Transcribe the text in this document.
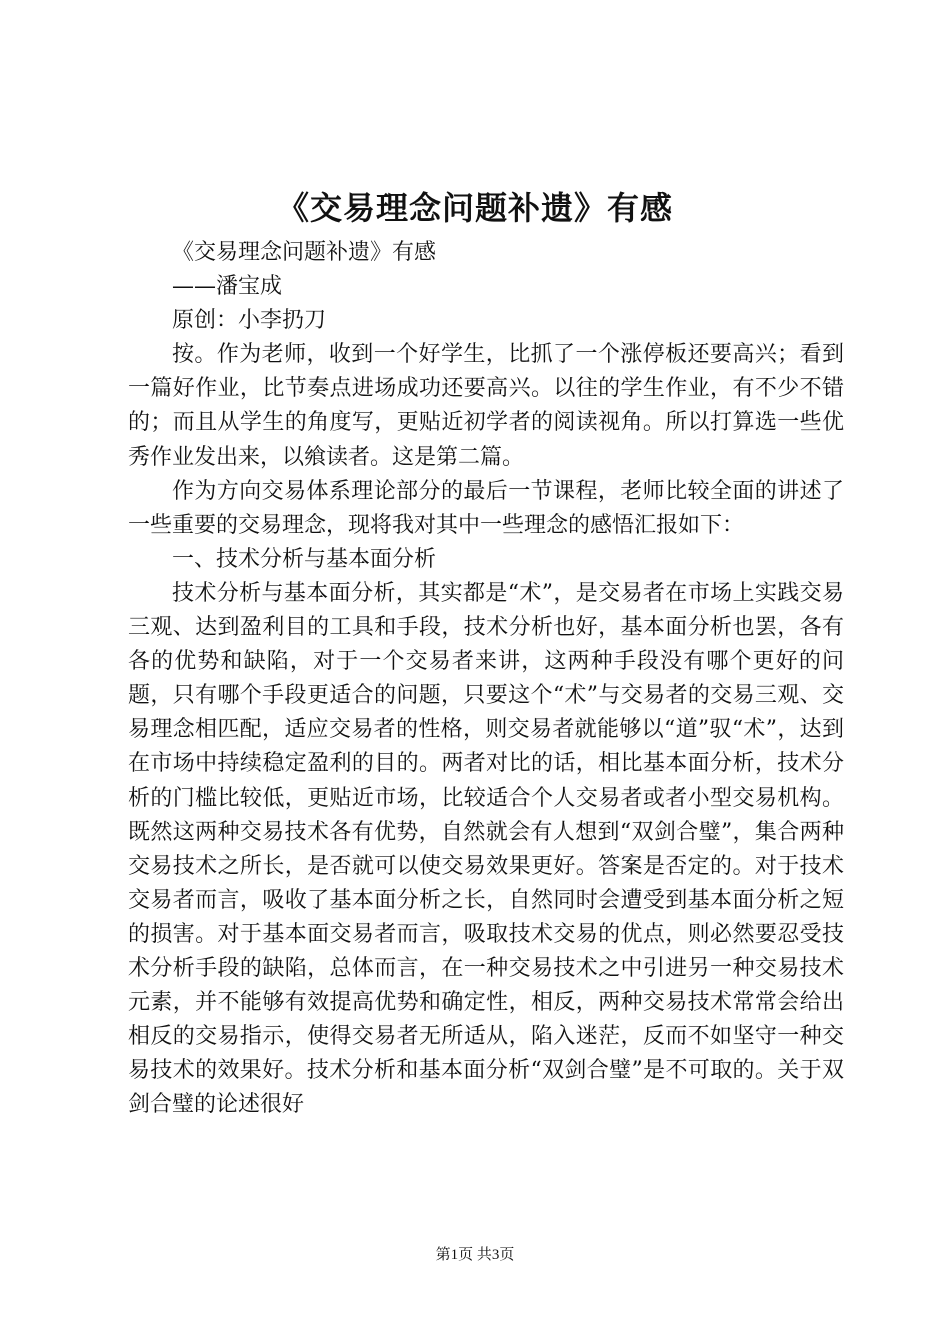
《交易理念问题补遗》有感

《交易理念问题补遗》有感

——潘宝成

原创：小李扔刀

按。作为老师，收到一个好学生，比抓了一个涨停板还要高兴；看到一篇好作业，比节奏点进场成功还要高兴。以往的学生作业，有不少不错的；而且从学生的角度写，更贴近初学者的阅读视角。所以打算选一些优秀作业发出来，以飨读者。这是第二篇。

作为方向交易体系理论部分的最后一节课程，老师比较全面的讲述了一些重要的交易理念，现将我对其中一些理念的感悟汇报如下：

一、技术分析与基本面分析

技术分析与基本面分析，其实都是“术”，是交易者在市场上实践交易三观、达到盈利目的工具和手段，技术分析也好，基本面分析也罢，各有各的优势和缺陷，对于一个交易者来讲，这两种手段没有哪个更好的问题，只有哪个手段更适合的问题，只要这个“术”与交易者的交易三观、交易理念相匹配，适应交易者的性格，则交易者就能够以“道”驭“术”，达到在市场中持续稳定盈利的目的。两者对比的话，相比基本面分析，技术分析的门槛比较低，更贴近市场，比较适合个人交易者或者小型交易机构。既然这两种交易技术各有优势，自然就会有人想到“双剑合璧”，集合两种交易技术之所长，是否就可以使交易效果更好。答案是否定的。对于技术交易者而言，吸收了基本面分析之长，自然同时会遭受到基本面分析之短的损害。对于基本面交易者而言，吸取技术交易的优点，则必然要忍受技术分析手段的缺陷，总体而言，在一种交易技术之中引进另一种交易技术元素，并不能够有效提高优势和确定性，相反，两种交易技术常常会给出相反的交易指示，使得交易者无所适从，陷入迷茫，反而不如坚守一种交易技术的效果好。技术分析和基本面分析“双剑合璧”是不可取的。关于双剑合璧的论述很好

第1页 共3页
